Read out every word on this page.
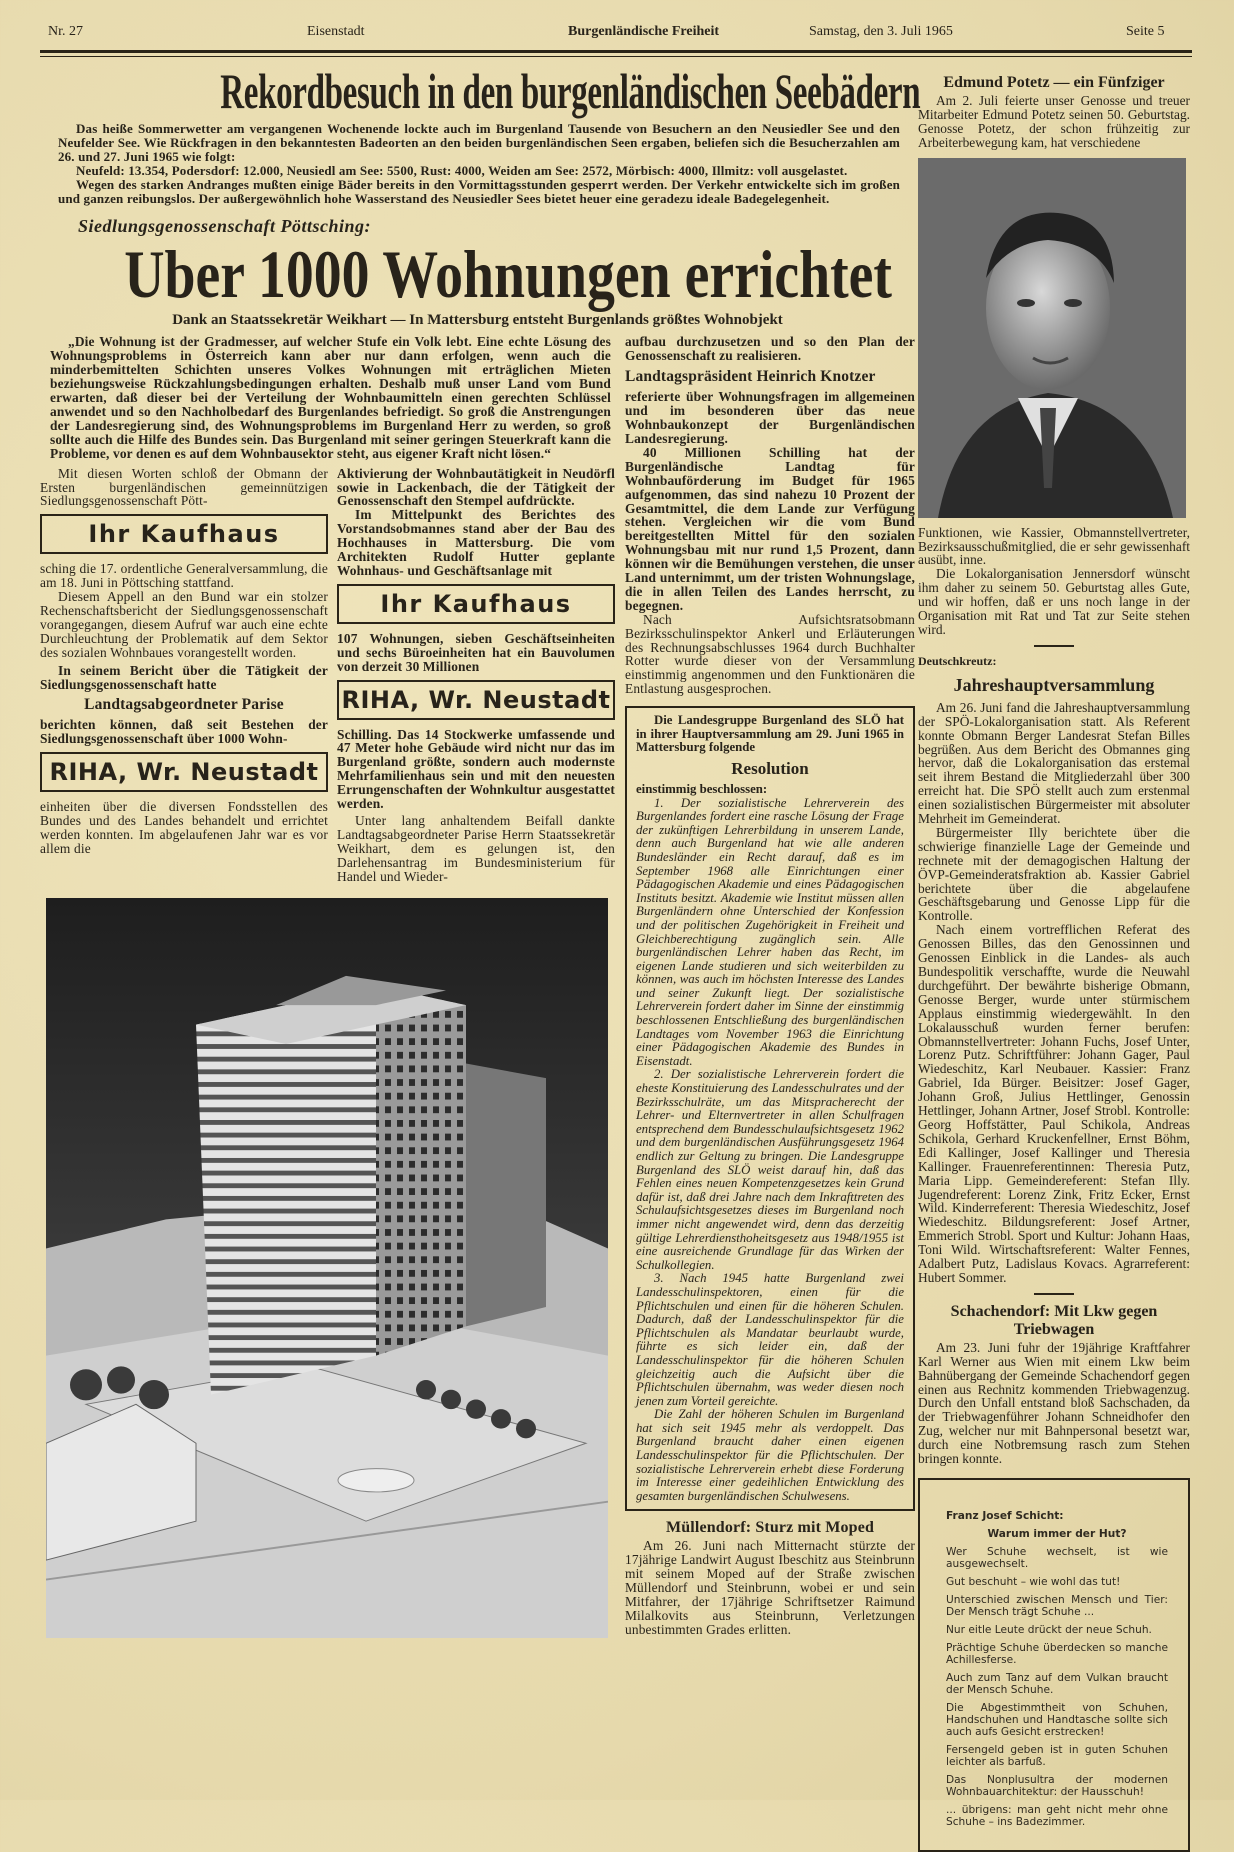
Nr. 27	Eisenstadt	Burgenländische Freiheit	Samstag, den 3. Juli 1965	Seite 5
Rekordbesuch in den burgenländischen Seebädern

Das heiße Sommerwetter am vergangenen Wochenende lockte auch im Burgenland Tausende von Besuchern an den Neusiedler See und den Neufelder See. Wie Rückfragen in den bekanntesten Badeorten an den beiden burgenländischen Seen ergaben, beliefen sich die Besucherzahlen am 26. und 27. Juni 1965 wie folgt:

Neufeld: 13.354, Podersdorf: 12.000, Neusiedl am See: 5500, Rust: 4000, Weiden am See: 2572, Mörbisch: 4000, Illmitz: voll ausgelastet.

Wegen des starken Andranges mußten einige Bäder bereits in den Vormittagsstunden gesperrt werden. Der Verkehr entwickelte sich im großen und ganzen reibungslos. Der außergewöhnlich hohe Wasserstand des Neusiedler Sees bietet heuer eine geradezu ideale Badegelegenheit.

Siedlungsgenossenschaft Pöttsching:
Uber 1000 Wohnungen errichtet
Dank an Staatssekretär Weikhart — In Mattersburg entsteht Burgenlands größtes Wohnobjekt

„Die Wohnung ist der Gradmesser, auf welcher Stufe ein Volk lebt. Eine echte Lösung des Wohnungsproblems in Österreich kann aber nur dann erfolgen, wenn auch die minderbemittelten Schichten unseres Volkes Wohnungen mit erträglichen Mieten beziehungsweise Rückzahlungsbedingungen erhalten. Deshalb muß unser Land vom Bund erwarten, daß dieser bei der Verteilung der Wohnbaumitteln einen gerechten Schlüssel anwendet und so den Nachholbedarf des Burgenlandes befriedigt. So groß die Anstrengungen der Landesregierung sind, des Wohnungsproblems im Burgenland Herr zu werden, so groß sollte auch die Hilfe des Bundes sein. Das Burgenland mit seiner geringen Steuerkraft kann die Probleme, vor denen es auf dem Wohnbausektor steht, aus eigener Kraft nicht lösen.“

Mit diesen Worten schloß der Obmann der Ersten burgenländischen gemeinnützigen Siedlungsgenossenschaft Pött-

Ihr Kaufhaus

sching die 17. ordentliche Generalversammlung, die am 18. Juni in Pöttsching stattfand.

Diesem Appell an den Bund war ein stolzer Rechenschaftsbericht der Siedlungsgenossenschaft vorangegangen, diesem Aufruf war auch eine echte Durchleuchtung der Problematik auf dem Sektor des sozialen Wohnbaues vorangestellt worden.

In seinem Bericht über die Tätigkeit der Siedlungsgenossenschaft hatte

Landtagsabgeordneter Parise

berichten können, daß seit Bestehen der Siedlungsgenossenschaft über 1000 Wohn-

RIHA, Wr. Neustadt

einheiten über die diversen Fondsstellen des Bundes und des Landes behandelt und errichtet werden konnten. Im abgelaufenen Jahr war es vor allem die

Aktivierung der Wohnbautätigkeit in Neudörfl sowie in Lackenbach, die der Tätigkeit der Genossenschaft den Stempel aufdrückte.

Im Mittelpunkt des Berichtes des Vorstandsobmannes stand aber der Bau des Hochhauses in Mattersburg. Die vom Architekten Rudolf Hutter geplante Wohnhaus- und Geschäftsanlage mit

Ihr Kaufhaus

107 Wohnungen, sieben Geschäftseinheiten und sechs Büroeinheiten hat ein Bauvolumen von derzeit 30 Millionen

RIHA, Wr. Neustadt

Schilling. Das 14 Stockwerke umfassende und 47 Meter hohe Gebäude wird nicht nur das im Burgenland größte, sondern auch modernste Mehrfamilienhaus sein und mit den neuesten Errungenschaften der Wohnkultur ausgestattet werden.

Unter lang anhaltendem Beifall dankte Landtagsabgeordneter Parise Herrn Staatssekretär Weikhart, dem es gelungen ist, den Darlehensantrag im Bundesministerium für Handel und Wieder-

aufbau durchzusetzen und so den Plan der Genossenschaft zu realisieren.

Landtagspräsident Heinrich Knotzer

referierte über Wohnungsfragen im allgemeinen und im besonderen über das neue Wohnbaukonzept der Burgenländischen Landesregierung.

40 Millionen Schilling hat der Burgenländische Landtag für Wohnbauförderung im Budget für 1965 aufgenommen, das sind nahezu 10 Prozent der Gesamtmittel, die dem Lande zur Verfügung stehen. Vergleichen wir die vom Bund bereitgestellten Mittel für den sozialen Wohnungsbau mit nur rund 1,5 Prozent, dann können wir die Bemühungen verstehen, die unser Land unternimmt, um der tristen Wohnungslage, die in allen Teilen des Landes herrscht, zu begegnen.

Nach Aufsichtsratsobmann Bezirksschulinspektor Ankerl und Erläuterungen des Rechnungsabschlusses 1964 durch Buchhalter Rotter wurde dieser von der Versammlung einstimmig angenommen und den Funktionären die Entlastung ausgesprochen.

Die Landesgruppe Burgenland des SLÖ hat in ihrer Hauptversammlung am 29. Juni 1965 in Mattersburg folgende

Resolution

einstimmig beschlossen:

1. Der sozialistische Lehrerverein des Burgenlandes fordert eine rasche Lösung der Frage der zukünftigen Lehrerbildung in unserem Lande, denn auch Burgenland hat wie alle anderen Bundesländer ein Recht darauf, daß es im September 1968 alle Einrichtungen einer Pädagogischen Akademie und eines Pädagogischen Instituts besitzt. Akademie wie Institut müssen allen Burgenländern ohne Unterschied der Konfession und der politischen Zugehörigkeit in Freiheit und Gleichberechtigung zugänglich sein. Alle burgenländischen Lehrer haben das Recht, im eigenen Lande studieren und sich weiterbilden zu können, was auch im höchsten Interesse des Landes und seiner Zukunft liegt. Der sozialistische Lehrerverein fordert daher im Sinne der einstimmig beschlossenen Entschließung des burgenländischen Landtages vom November 1963 die Einrichtung einer Pädagogischen Akademie des Bundes in Eisenstadt.

2. Der sozialistische Lehrerverein fordert die eheste Konstituierung des Landesschulrates und der Bezirksschulräte, um das Mitspracherecht der Lehrer- und Elternvertreter in allen Schulfragen entsprechend dem Bundesschulaufsichtsgesetz 1962 und dem burgenländischen Ausführungsgesetz 1964 endlich zur Geltung zu bringen. Die Landesgruppe Burgenland des SLÖ weist darauf hin, daß das Fehlen eines neuen Kompetenzgesetzes kein Grund dafür ist, daß drei Jahre nach dem Inkrafttreten des Schulaufsichtsgesetzes dieses im Burgenland noch immer nicht angewendet wird, denn das derzeitig gültige Lehrerdiensthoheitsgesetz aus 1948/1955 ist eine ausreichende Grundlage für das Wirken der Schulkollegien.

3. Nach 1945 hatte Burgenland zwei Landesschulinspektoren, einen für die Pflichtschulen und einen für die höheren Schulen. Dadurch, daß der Landesschulinspektor für die Pflichtschulen als Mandatar beurlaubt wurde, führte es sich leider ein, daß der Landesschulinspektor für die höheren Schulen gleichzeitig auch die Aufsicht über die Pflichtschulen übernahm, was weder diesen noch jenen zum Vorteil gereichte.

Die Zahl der höheren Schulen im Burgenland hat sich seit 1945 mehr als verdoppelt. Das Burgenland braucht daher einen eigenen Landesschulinspektor für die Pflichtschulen. Der sozialistische Lehrerverein erhebt diese Forderung im Interesse einer gedeihlichen Entwicklung des gesamten burgenländischen Schulwesens.

Müllendorf: Sturz mit Moped

Am 26. Juni nach Mitternacht stürzte der 17jährige Landwirt August Ibeschitz aus Steinbrunn mit seinem Moped auf der Straße zwischen Müllendorf und Steinbrunn, wobei er und sein Mitfahrer, der 17jährige Schriftsetzer Raimund Milalkovits aus Steinbrunn, Verletzungen unbestimmten Grades erlitten.

Edmund Potetz — ein Fünfziger

Am 2. Juli feierte unser Genosse und treuer Mitarbeiter Edmund Potetz seinen 50. Geburtstag. Genosse Potetz, der schon frühzeitig zur Arbeiterbewegung kam, hat verschiedene

Funktionen, wie Kassier, Obmannstellvertreter, Bezirksausschußmitglied, die er sehr gewissenhaft ausübt, inne.

Die Lokalorganisation Jennersdorf wünscht ihm daher zu seinem 50. Geburtstag alles Gute, und wir hoffen, daß er uns noch lange in der Organisation mit Rat und Tat zur Seite stehen wird.

Deutschkreutz:

Jahreshauptversammlung

Am 26. Juni fand die Jahreshauptversammlung der SPÖ-Lokalorganisation statt. Als Referent konnte Obmann Berger Landesrat Stefan Billes begrüßen. Aus dem Bericht des Obmannes ging hervor, daß die Lokalorganisation das erstemal seit ihrem Bestand die Mitgliederzahl über 300 erreicht hat. Die SPÖ stellt auch zum erstenmal einen sozialistischen Bürgermeister mit absoluter Mehrheit im Gemeinderat.

Bürgermeister Illy berichtete über die schwierige finanzielle Lage der Gemeinde und rechnete mit der demagogischen Haltung der ÖVP-Gemeinderatsfraktion ab. Kassier Gabriel berichtete über die abgelaufene Geschäftsgebarung und Genosse Lipp für die Kontrolle.

Nach einem vortrefflichen Referat des Genossen Billes, das den Genossinnen und Genossen Einblick in die Landes- als auch Bundespolitik verschaffte, wurde die Neuwahl durchgeführt. Der bewährte bisherige Obmann, Genosse Berger, wurde unter stürmischem Applaus einstimmig wiedergewählt. In den Lokalausschuß wurden ferner berufen: Obmannstellvertreter: Johann Fuchs, Josef Unter, Lorenz Putz. Schriftführer: Johann Gager, Paul Wiedeschitz, Karl Neubauer. Kassier: Franz Gabriel, Ida Bürger. Beisitzer: Josef Gager, Johann Groß, Julius Hettlinger, Genossin Hettlinger, Johann Artner, Josef Strobl. Kontrolle: Georg Hoffstätter, Paul Schikola, Andreas Schikola, Gerhard Kruckenfellner, Ernst Böhm, Edi Kallinger, Josef Kallinger und Theresia Kallinger. Frauenreferentinnen: Theresia Putz, Maria Lipp. Gemeindereferent: Stefan Illy. Jugendreferent: Lorenz Zink, Fritz Ecker, Ernst Wild. Kinderreferent: Theresia Wiedeschitz, Josef Wiedeschitz. Bildungsreferent: Josef Artner, Emmerich Strobl. Sport und Kultur: Johann Haas, Toni Wild. Wirtschaftsreferent: Walter Fennes, Adalbert Putz, Ladislaus Kovacs. Agrarreferent: Hubert Sommer.

Schachendorf: Mit Lkw gegen Triebwagen

Am 23. Juni fuhr der 19jährige Kraftfahrer Karl Werner aus Wien mit einem Lkw beim Bahnübergang der Gemeinde Schachendorf gegen einen aus Rechnitz kommenden Triebwagenzug. Durch den Unfall entstand bloß Sachschaden, da der Triebwagenführer Johann Schneidhofer den Zug, welcher nur mit Bahnpersonal besetzt war, durch eine Notbremsung rasch zum Stehen bringen konnte.

Franz Josef Schicht:

Warum immer der Hut?

Wer Schuhe wechselt, ist wie ausgewechselt.

Gut beschuht – wie wohl das tut!

Unterschied zwischen Mensch und Tier: Der Mensch trägt Schuhe ...

Nur eitle Leute drückt der neue Schuh.

Prächtige Schuhe überdecken so manche Achillesferse.

Auch zum Tanz auf dem Vulkan braucht der Mensch Schuhe.

Die Abgestimmtheit von Schuhen, Handschuhen und Handtasche sollte sich auch aufs Gesicht erstrecken!

Fersengeld geben ist in guten Schuhen leichter als barfuß.

Das Nonplusultra der modernen Wohnbauarchitektur: der Hausschuh!

... übrigens: man geht nicht mehr ohne Schuhe – ins Badezimmer.
